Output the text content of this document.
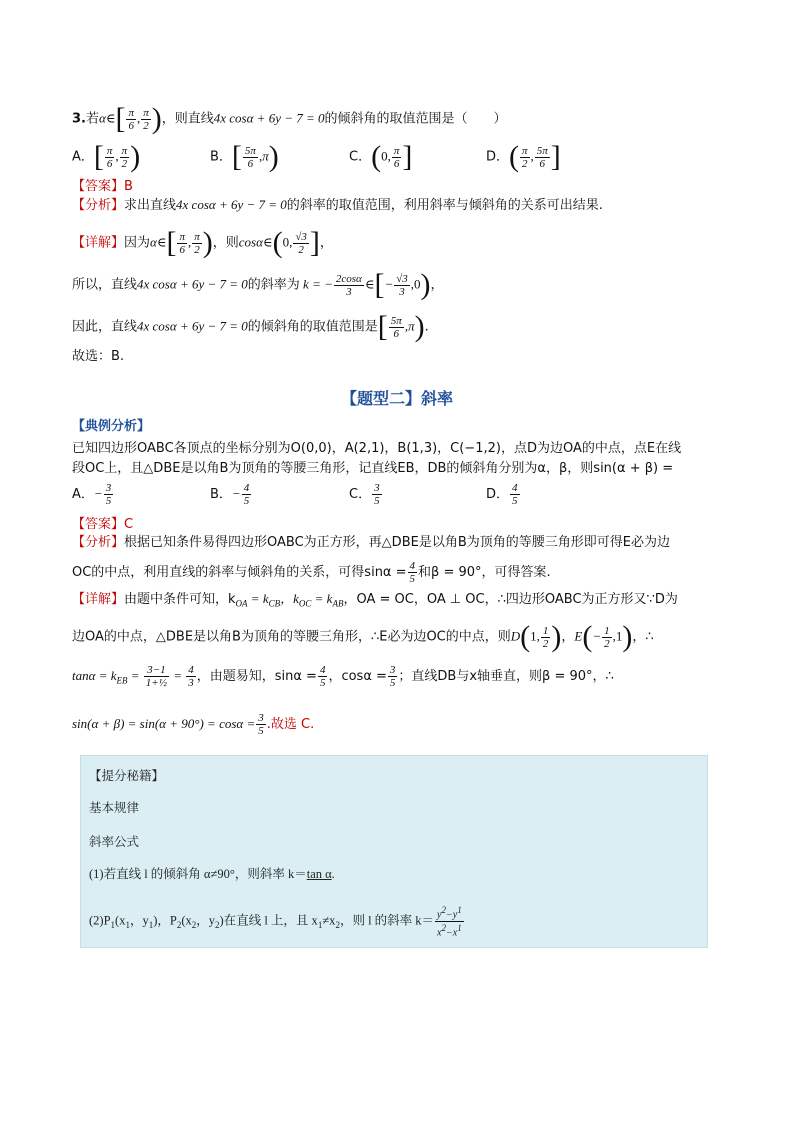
3.若α∈[ $\frac{\pi}{6}$ , $\frac{\pi}{2}$ )，则直线4x cosα + 6y − 7 = 0的倾斜角的取值范围是（　　）
A．[ $\frac{\pi}{6}$ , $\frac{\pi}{2}$ )	B．[ $\frac{5\pi}{6} ,\pi$)	C．(0, $\frac{\pi}{6}$ ]	D．( $\frac{\pi}{2}$ , $\frac{5\pi}{6}$ ]
【答案】B
【分析】求出直线4x cosα + 6y − 7 = 0的斜率的取值范围，利用斜率与倾斜角的关系可出结果.
【详解】因为α∈[ $\frac{\pi}{6}$ , $\frac{\pi}{2}$ )，则cosα∈(0, $\frac{√3}{2}$ ]，
所以，直线4x cosα + 6y − 7 = 0的斜率为 k = − $\frac{2\cos\alpha}{3}$ ∈[− $\frac{√3}{3} ,0$)，
因此，直线4x cosα + 6y − 7 = 0的倾斜角的取值范围是[ $\frac{5\pi}{6} ,\pi$).
故选：B.
【题型二】斜率
【典例分析】
已知四边形OABC各顶点的坐标分别为O(0,0)，A(2,1)，B(1,3)，C(−1,2)，点D为边OA的中点，点E在线
段OC上，且△DBE是以角B为顶角的等腰三角形，记直线EB，DB的倾斜角分别为α，β，则sin(α + β) =
A．− $\frac{3}{5}$	B．− $\frac{4}{5}$	C． $\frac{3}{5}$	D． $\frac{4}{5}$
【答案】C
【分析】根据已知条件易得四边形OABC为正方形，再△DBE是以角B为顶角的等腰三角形即可得E必为边
OC的中点，利用直线的斜率与倾斜角的关系，可得$\sin\alpha = \frac{4}{5}$ 和β = 90°，可得答案.
【详解】由题中条件可知，$k_{OA} = k_{CB}$，$k_{OC} = k_{AB}$，OA = OC，OA ⊥ OC，∴四边形OABC为正方形又∵D为
边OA的中点，△DBE是以角B为顶角的等腰三角形，∴E必为边OC的中点，则D(1, $\frac{1}{2}$ )，$E(- \frac{1}{2} ,1)$，∴
$\tan\alpha = k_{EB} = \frac{3-1}{\text{1+½}} = \frac{4}{3}$ ，由题易知，$\sin\alpha = \frac{4}{5}$ ，$\cos\alpha = \frac{3}{5}$ ；直线DB与x轴垂直，则β = 90°，∴
$\sin(\alpha + \beta) = \sin(\alpha + 90^\circ) = \cos\alpha = \frac{3}{5}$ .故选 C.
【提分秘籍】
基本规律
斜率公式
(1)若直线 l 的倾斜角 α≠90°，则斜率 k＝tan α.
$(2)P_1(x_1$，$y_1$)，$P_2(x_2$，$y_2$)在直线 l 上，且 $x_1\ne x_2$，则 l 的斜率 $k= \frac{y^2-y^1}{x^2-x^1}$
